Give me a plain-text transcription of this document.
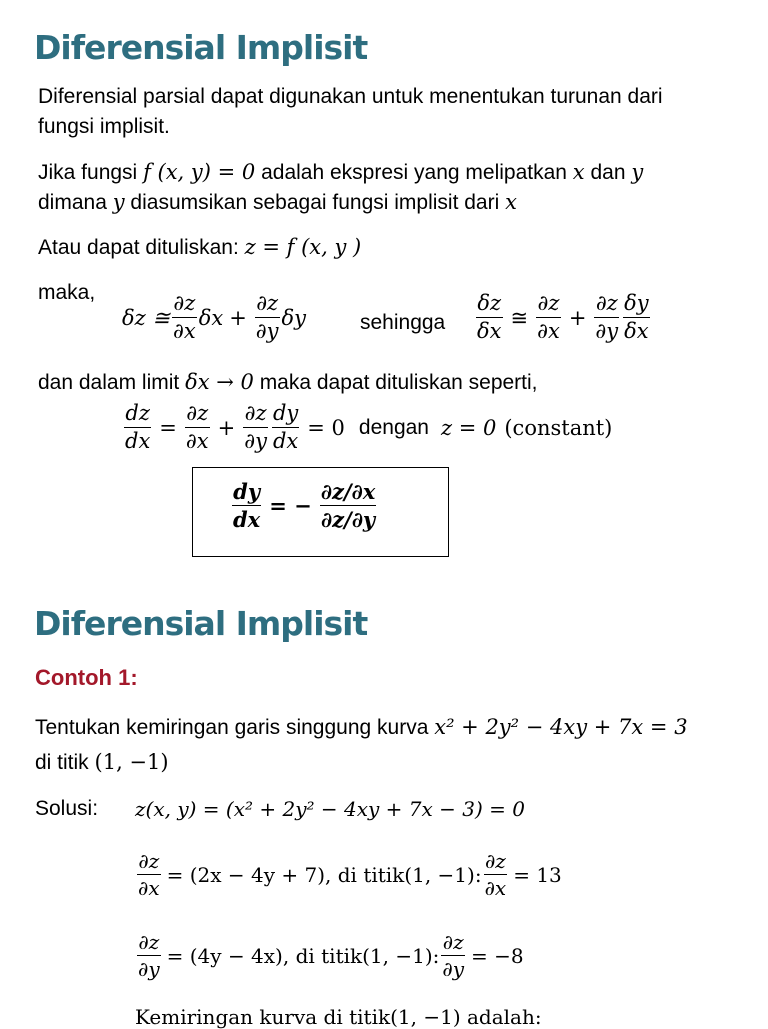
Diferensial Implisit
Diferensial parsial dapat digunakan untuk menentukan turunan dari
fungsi implisit.
Jika fungsi f (x, y) = 0 adalah ekspresi yang melipatkan x dan y
dimana y diasumsikan sebagai fungsi implisit dari x
Atau dapat dituliskan: z = f (x, y )
maka,
δz ≅ $\frac{\partial z}{\partial x}$ $\delta x + \frac{\partial z}{\partial y}$ δy	sehingga $\frac{\delta z}{\delta x}$ ≅ $\frac{\partial z}{\partial x} + \frac{\partial z}{\partial y} \frac{\delta y}{\delta x}$
dan dalam limit δx → 0 maka dapat dituliskan seperti,
$\frac{dz}{dx} = \frac{\partial z}{\partial x} + \frac{\partial z}{\partial y} \frac{dy}{dx} = 0$ dengan z = 0 (constant)
$\frac{dy}{dx}$ = − $\frac{\partial z/\partial x}{\partial z/\partial y}$
Diferensial Implisit
Contoh 1:
Tentukan kemiringan garis singgung kurva x² + 2y² − 4xy + 7x = 3
di titik (1, −1)
Solusi: z(x, y) = (x² + 2y² − 4xy + 7x − 3) = 0
$\frac{\partial z}{\partial x} = (2x - 4y + 7)$, di titik(1, −1): $\frac{\partial z}{\partial x} = 13$
$\frac{\partial z}{\partial y} = (4y - 4x)$, di titik(1, −1): $\frac{\partial z}{\partial y} = -8$
Kemiringan kurva di titik(1, −1) adalah:
